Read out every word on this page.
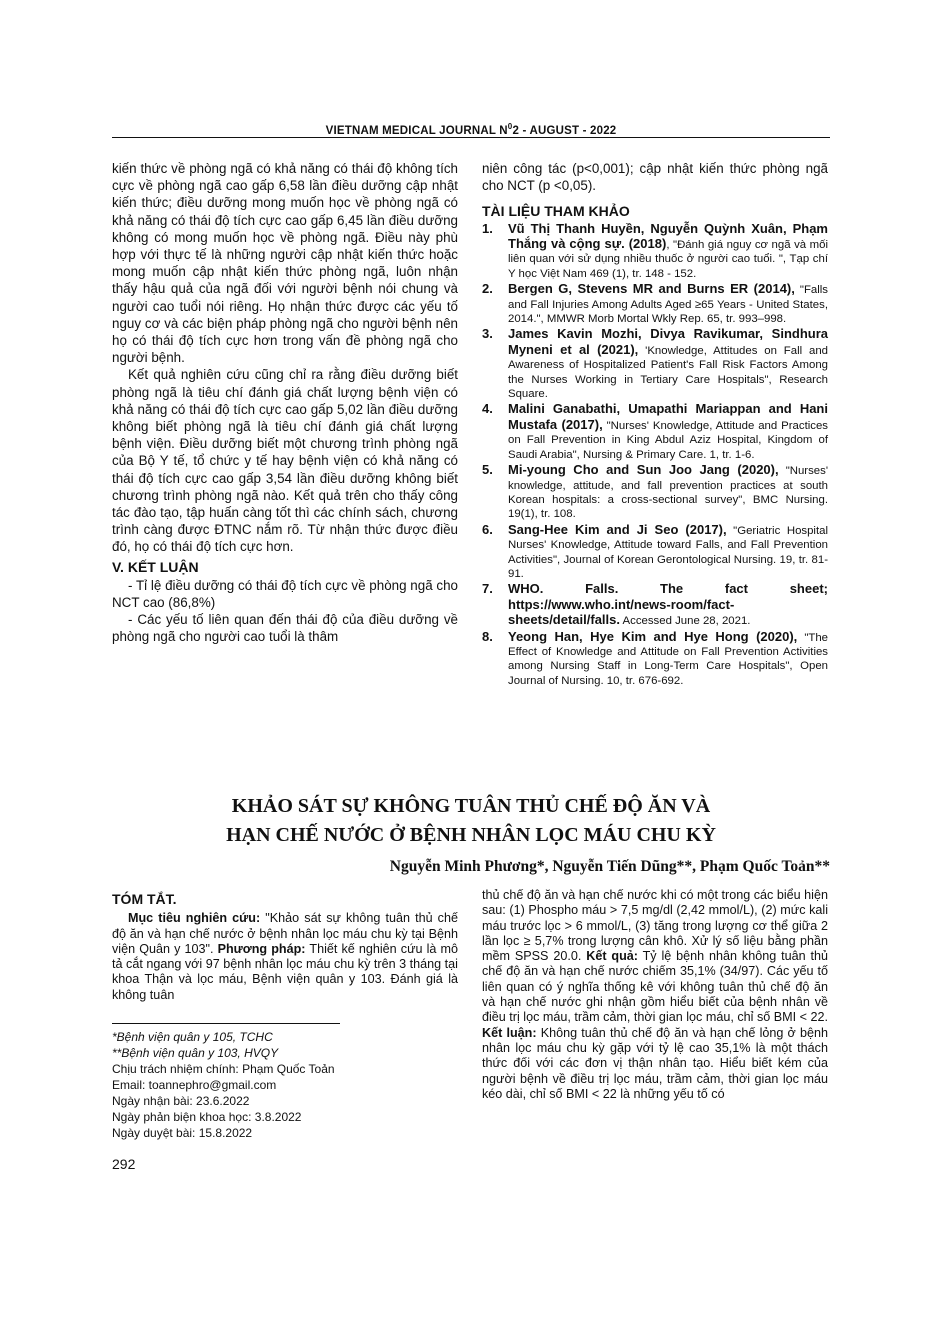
VIETNAM MEDICAL JOURNAL $N^02$ - AUGUST - 2022

kiến thức về phòng ngã có khả năng có thái độ không tích cực về phòng ngã cao gấp 6,58 lần điều dưỡng cập nhật kiến thức; điều dưỡng mong muốn học về phòng ngã có khả năng có thái độ tích cực cao gấp 6,45 lần điều dưỡng không có mong muốn học về phòng ngã. Điều này phù hợp với thực tế là những người cập nhật kiến thức hoặc mong muốn cập nhật kiến thức phòng ngã, luôn nhận thấy hậu quả của ngã đối với người bệnh nói chung và người cao tuổi nói riêng. Họ nhận thức được các yếu tố nguy cơ và các biện pháp phòng ngã cho người bệnh nên họ có thái độ tích cực hơn trong vấn đề phòng ngã cho người bệnh.

Kết quả nghiên cứu cũng chỉ ra rằng điều dưỡng biết phòng ngã là tiêu chí đánh giá chất lượng bệnh viện có khả năng có thái độ tích cực cao gấp 5,02 lần điều dưỡng không biết phòng ngã là tiêu chí đánh giá chất lượng bệnh viện. Điều dưỡng biết một chương trình phòng ngã của Bộ Y tế, tổ chức y tế hay bệnh viện có khả năng có thái độ tích cực cao gấp 3,54 lần điều dưỡng không biết chương trình phòng ngã nào. Kết quả trên cho thấy công tác đào tạo, tập huấn càng tốt thì các chính sách, chương trình càng được ĐTNC nắm rõ. Từ nhận thức được điều đó, họ có thái độ tích cực hơn.

V. KẾT LUẬN

- Tỉ lệ điều dưỡng có thái độ tích cực về phòng ngã cho NCT cao (86,8%)

- Các yếu tố liên quan đến thái độ của điều dưỡng về phòng ngã cho người cao tuổi là thâm

niên công tác (p<0,001); cập nhật kiến thức phòng ngã cho NCT (p <0,05).

TÀI LIỆU THAM KHẢO

1. Vũ Thị Thanh Huyền, Nguyễn Quỳnh Xuân, Phạm Thắng và cộng sự. (2018), "Đánh giá nguy cơ ngã và mối liên quan với sử dụng nhiều thuốc ở người cao tuổi. ", Tạp chí Y học Việt Nam 469 (1), tr. 148 - 152.
2. Bergen G, Stevens MR and Burns ER (2014), "Falls and Fall Injuries Among Adults Aged ≥65 Years - United States, 2014.", MMWR Morb Mortal Wkly Rep. 65, tr. 993–998.
3. James Kavin Mozhi, Divya Ravikumar, Sindhura Myneni et al (2021), 'Knowledge, Attitudes on Fall and Awareness of Hospitalized Patient's Fall Risk Factors Among the Nurses Working in Tertiary Care Hospitals", Research Square.
4. Malini Ganabathi, Umapathi Mariappan and Hani Mustafa (2017), "Nurses' Knowledge, Attitude and Practices on Fall Prevention in King Abdul Aziz Hospital, Kingdom of Saudi Arabia", Nursing & Primary Care. 1, tr. 1-6.
5. Mi-young Cho and Sun Joo Jang (2020), "Nurses' knowledge, attitude, and fall prevention practices at south Korean hospitals: a cross-sectional survey", BMC Nursing. 19(1), tr. 108.
6. Sang-Hee Kim and Ji Seo (2017), "Geriatric Hospital Nurses' Knowledge, Attitude toward Falls, and Fall Prevention Activities", Journal of Korean Gerontological Nursing. 19, tr. 81-91.
7. WHO. Falls. The fact sheet; https://www.who.int/news-room/fact-sheets/detail/falls. Accessed June 28, 2021.
8. Yeong Han, Hye Kim and Hye Hong (2020), "The Effect of Knowledge and Attitude on Fall Prevention Activities among Nursing Staff in Long-Term Care Hospitals", Open Journal of Nursing. 10, tr. 676-692.
KHẢO SÁT SỰ KHÔNG TUÂN THỦ CHẾ ĐỘ ĂN VÀ
HẠN CHẾ NƯỚC Ở BỆNH NHÂN LỌC MÁU CHU KỲ
Nguyễn Minh Phương*, Nguyễn Tiến Dũng**, Phạm Quốc Toản**

TÓM TẮT.

Mục tiêu nghiên cứu: "Khảo sát sự không tuân thủ chế độ ăn và hạn chế nước ở bệnh nhân lọc máu chu kỳ tại Bệnh viện Quân y 103". Phương pháp: Thiết kế nghiên cứu là mô tả cắt ngang với 97 bệnh nhân lọc máu chu kỳ trên 3 tháng tại khoa Thận và lọc máu, Bệnh viện quân y 103. Đánh giá là không tuân

thủ chế độ ăn và hạn chế nước khi có một trong các biểu hiện sau: (1) Phospho máu > 7,5 mg/dl (2,42 mmol/L), (2) mức kali máu trước lọc > 6 mmol/L, (3) tăng trong lượng cơ thể giữa 2 lần lọc ≥ 5,7% trong lượng cân khô. Xử lý số liệu bằng phần mềm SPSS 20.0. Kết quả: Tỷ lệ bệnh nhân không tuân thủ chế độ ăn và hạn chế nước chiếm 35,1% (34/97). Các yếu tố liên quan có ý nghĩa thống kê với không tuân thủ chế độ ăn và hạn chế nước ghi nhận gồm hiểu biết của bệnh nhân về điều trị lọc máu, trầm cảm, thời gian lọc máu, chỉ số BMI < 22. Kết luận: Không tuân thủ chế độ ăn và hạn chế lỏng ở bệnh nhân lọc máu chu kỳ gặp với tỷ lệ cao 35,1% là một thách thức đối với các đơn vị thận nhân tạo. Hiểu biết kém của người bệnh về điều trị lọc máu, trầm cảm, thời gian lọc máu kéo dài, chỉ số BMI < 22 là những yếu tố có

*Bệnh viện quân y 105, TCHC
**Bệnh viện quân y 103, HVQY
Chịu trách nhiệm chính: Phạm Quốc Toản
Email: toannephro@gmail.com
Ngày nhận bài: 23.6.2022
Ngày phản biện khoa học: 3.8.2022
Ngày duyệt bài: 15.8.2022
292
